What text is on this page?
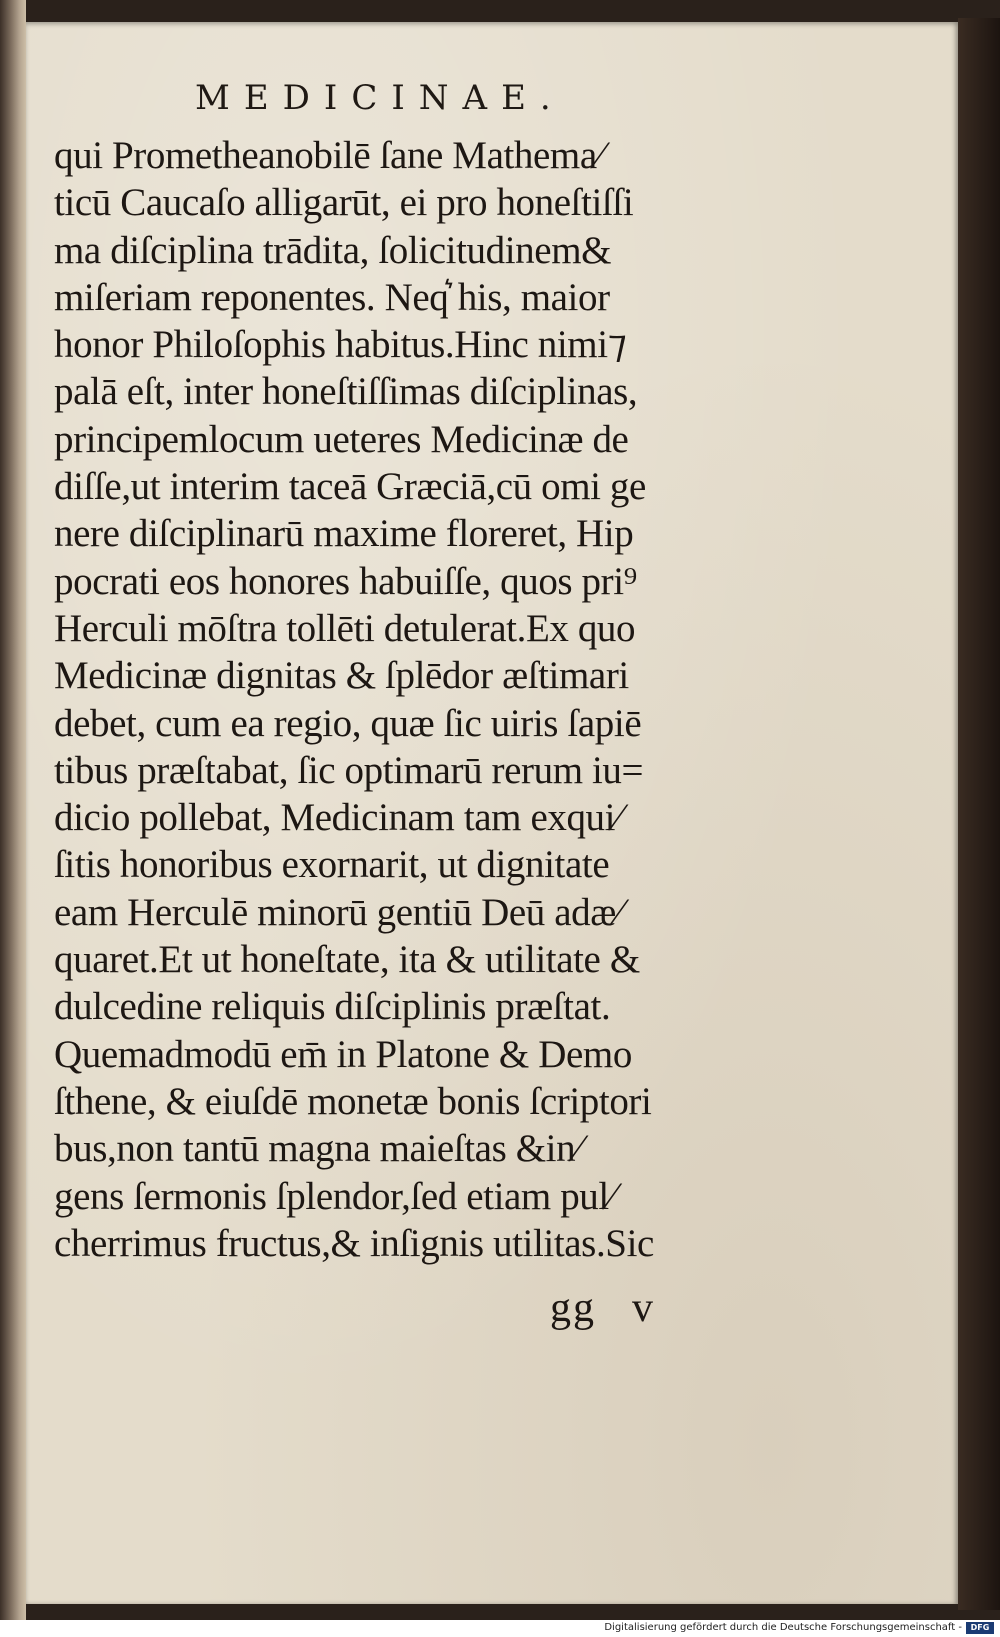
MEDICINAE.
qui Prometheanobilē ſane Mathema⁄
ticū Caucaſo alligarūt, ei pro honeſtiſſi
ma diſciplina trādita, ſolicitudinem&
miſeriam reponentes. Neq͛ his, maior
honor Philoſophis habitus.Hinc nimi⁊
palā eſt, inter honeſtiſſimas diſciplinas,
principemlocum ueteres Medicinæ de
diſſe,ut interim taceā Græciā,cū omi ge
nere diſciplinarū maxime floreret, Hip
pocrati eos honores habuiſſe, quos pri⁹
Herculi mōſtra tollēti detulerat.Ex quo
Medicinæ dignitas & ſplēdor æſtimari
debet, cum ea regio, quæ ſic uiris ſapiē
tibus præſtabat, ſic optimarū rerum iu=
dicio pollebat, Medicinam tam exqui⁄
ſitis honoribus exornarit, ut dignitate
eam Herculē minorū gentiū Deū adæ⁄
quaret.Et ut honeſtate, ita & utilitate &
dulcedine reliquis diſciplinis præſtat.
Quemadmodū em̄ in Platone & Demo
ſthene, & eiuſdē monetæ bonis ſcriptori
bus,non tantū magna maieſtas &in⁄
gens ſermonis ſplendor,ſed etiam pul⁄
cherrimus fructus,& inſignis utilitas.Sic
gg v
Digitalisierung gefördert durch die Deutsche Forschungsgemeinschaft -	DFG
